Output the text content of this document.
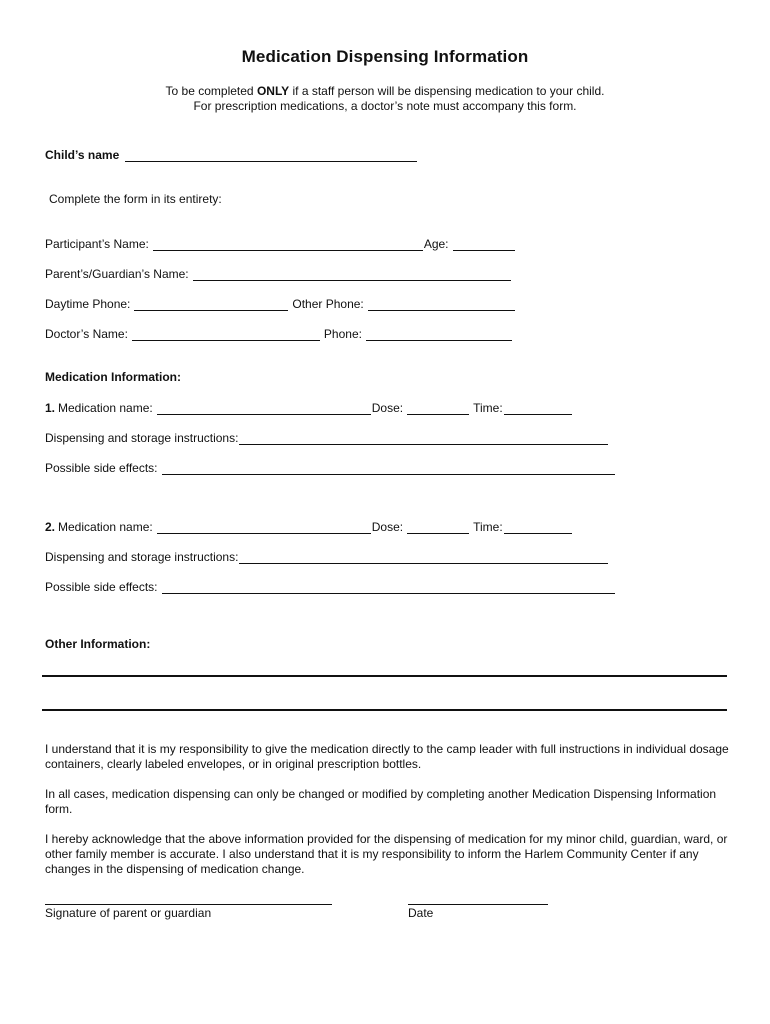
Medication Dispensing Information
To be completed ONLY if a staff person will be dispensing medication to your child.
For prescription medications, a doctor’s note must accompany this form.
Child’s name
Complete the form in its entirety:
Participant’s Name:	Age:
Parent’s/Guardian’s Name:
Daytime Phone:	Other Phone:
Doctor’s Name:	Phone:
Medication Information:
1. Medication name:	Dose:	Time:
Dispensing and storage instructions:
Possible side effects:
2. Medication name:	Dose:	Time:
Dispensing and storage instructions:
Possible side effects:
Other Information:
I understand that it is my responsibility to give the medication directly to the camp leader with full instructions in individual dosage containers, clearly labeled envelopes, or in original prescription bottles.
In all cases, medication dispensing can only be changed or modified by completing another Medication Dispensing Information form.
I hereby acknowledge that the above information provided for the dispensing of medication for my minor child, guardian, ward, or other family member is accurate. I also understand that it is my responsibility to inform the Harlem Community Center if any changes in the dispensing of medication change.
Signature of parent or guardian	Date
